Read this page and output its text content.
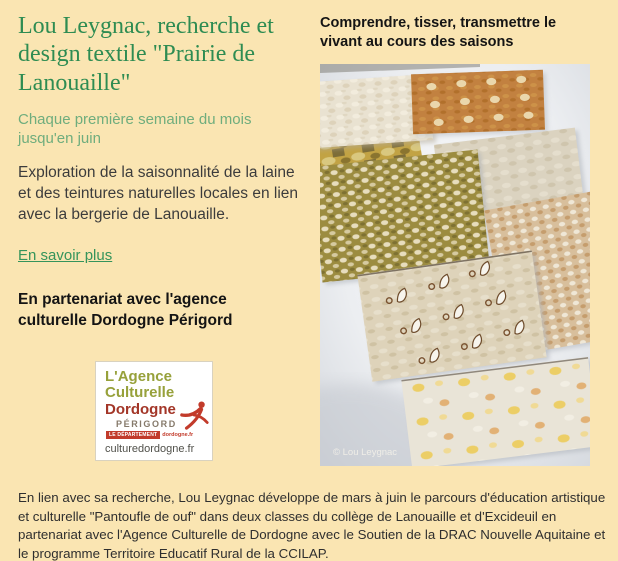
Lou Leygnac, recherche et design textile "Prairie de Lanouaille"

Chaque première semaine du mois jusqu'en juin

Exploration de la saisonnalité de la laine et des teintures naturelles locales en lien avec la bergerie de Lanouaille.

En savoir plus

En partenariat avec l'agence culturelle Dordogne Périgord

L'Agence
Culturelle
Dordogne
PÉRIGORD
LE DÉPARTEMENT dordogne.fr
culturedordogne.fr
Comprendre, tisser, transmettre le vivant au cours des saisons
© Lou Leygnac

En lien avec sa recherche, Lou Leygnac développe de mars à juin le parcours d'éducation artistique et culturelle "Pantoufle de ouf" dans deux classes du collège de Lanouaille et d'Excideuil en partenariat avec l'Agence Culturelle de Dordogne avec le Soutien de la DRAC Nouvelle Aquitaine et le programme Territoire Educatif Rural de la CCILAP.
